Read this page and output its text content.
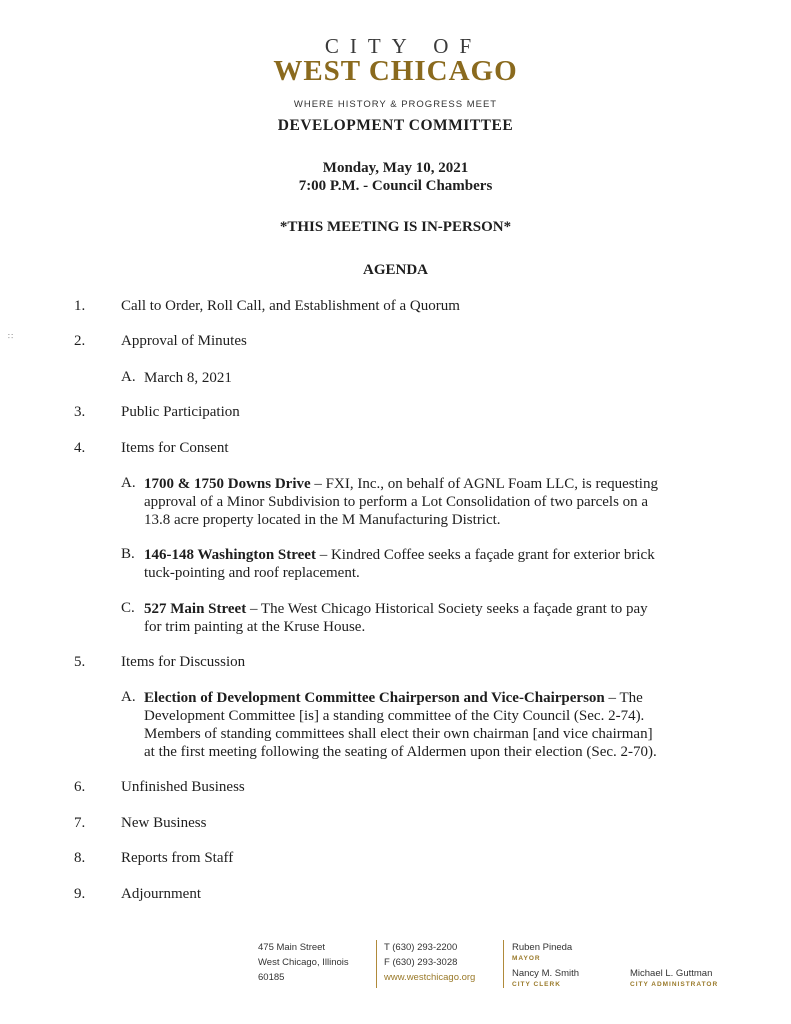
CITY OF
WEST CHICAGO
WHERE HISTORY & PROGRESS MEET
DEVELOPMENT COMMITTEE
Monday, May 10, 2021
7:00 P.M. - Council Chambers
*THIS MEETING IS IN-PERSON*
AGENDA
∷
1. Call to Order, Roll Call, and Establishment of a Quorum
2. Approval of Minutes
A. March 8, 2021
3. Public Participation
4. Items for Consent
A. 1700 & 1750 Downs Drive – FXI, Inc., on behalf of AGNL Foam LLC, is requesting
approval of a Minor Subdivision to perform a Lot Consolidation of two parcels on a
13.8 acre property located in the M Manufacturing District.
B. 146-148 Washington Street – Kindred Coffee seeks a façade grant for exterior brick
tuck-pointing and roof replacement.
C. 527 Main Street – The West Chicago Historical Society seeks a façade grant to pay
for trim painting at the Kruse House.
5. Items for Discussion
A. Election of Development Committee Chairperson and Vice-Chairperson – The
Development Committee [is] a standing committee of the City Council (Sec. 2-74).
Members of standing committees shall elect their own chairman [and vice chairman]
at the first meeting following the seating of Aldermen upon their election (Sec. 2-70).
6. Unfinished Business
7. New Business
8. Reports from Staff
9. Adjournment
475 Main Street
West Chicago, Illinois
60185
T (630) 293-2200
F (630) 293-3028
www.westchicago.org
Ruben Pineda
MAYOR
Nancy M. Smith
CITY CLERK
Michael L. Guttman
CITY ADMINISTRATOR
